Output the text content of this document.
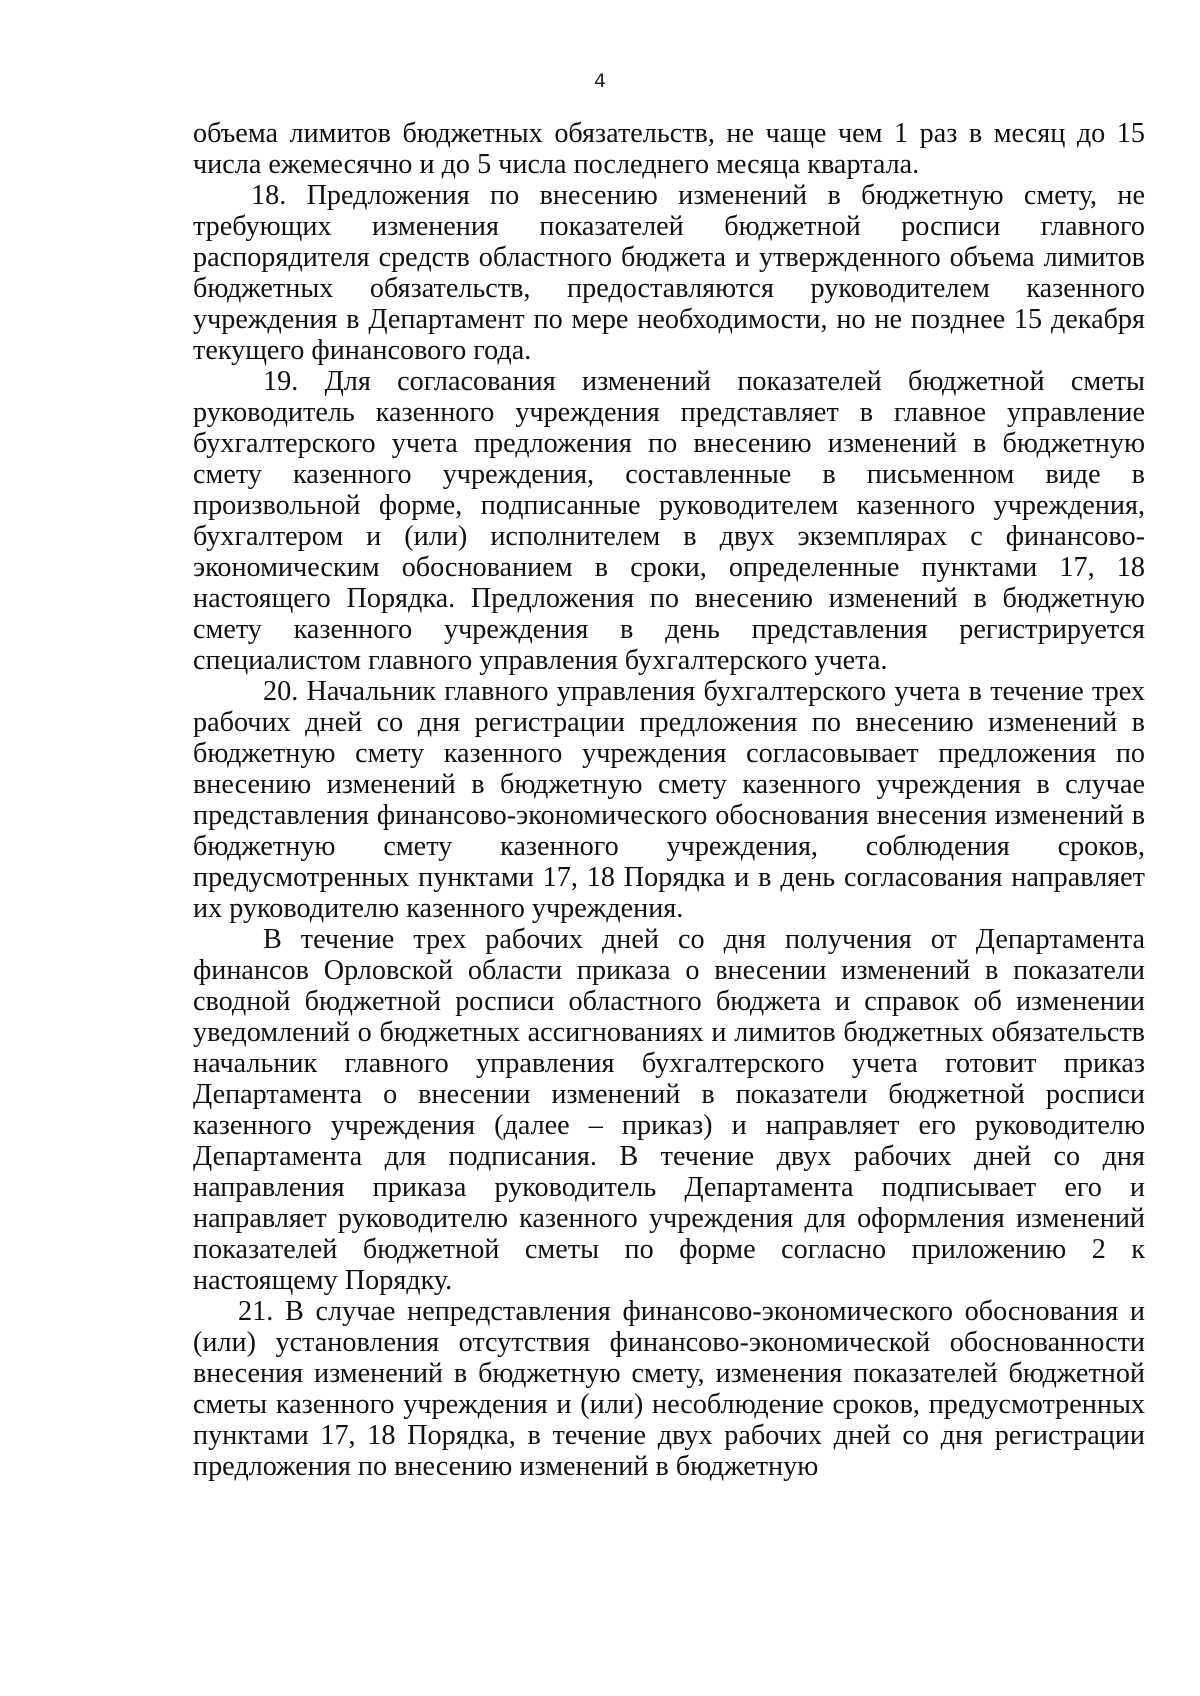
4

объема лимитов бюджетных обязательств, не чаще чем 1 раз в месяц до 15 числа ежемесячно и до 5 числа последнего месяца квартала.

18. Предложения по внесению изменений в бюджетную смету, не требующих изменения показателей бюджетной росписи главного распорядителя средств областного бюджета и утвержденного объема лимитов бюджетных обязательств, предоставляются руководителем казенного учреждения в Департамент по мере необходимости, но не позднее 15 декабря текущего финансового года.

19. Для согласования изменений показателей бюджетной сметы руководитель казенного учреждения представляет в главное управление бухгалтерского учета предложения по внесению изменений в бюджетную смету казенного учреждения, составленные в письменном виде в произвольной форме, подписанные руководителем казенного учреждения, бухгалтером и (или) исполнителем в двух экземплярах с финансово-экономическим обоснованием в сроки, определенные пунктами 17, 18 настоящего Порядка. Предложения по внесению изменений в бюджетную смету казенного учреждения в день представления регистрируется специалистом главного управления бухгалтерского учета.

20. Начальник главного управления бухгалтерского учета в течение трех рабочих дней со дня регистрации предложения по внесению изменений в бюджетную смету казенного учреждения согласовывает предложения по внесению изменений в бюджетную смету казенного учреждения в случае представления финансово-экономического обоснования внесения изменений в бюджетную смету казенного учреждения, соблюдения сроков, предусмотренных пунктами 17, 18 Порядка и в день согласования направляет их руководителю казенного учреждения.

В течение трех рабочих дней со дня получения от Департамента финансов Орловской области приказа о внесении изменений в показатели сводной бюджетной росписи областного бюджета и справок об изменении уведомлений о бюджетных ассигнованиях и лимитов бюджетных обязательств начальник главного управления бухгалтерского учета готовит приказ Департамента о внесении изменений в показатели бюджетной росписи казенного учреждения (далее – приказ) и направляет его руководителю Департамента для подписания. В течение двух рабочих дней со дня направления приказа руководитель Департамента подписывает его и направляет руководителю казенного учреждения для оформления изменений показателей бюджетной сметы по форме согласно приложению 2 к настоящему Порядку.

21. В случае непредставления финансово-экономического обоснования и (или) установления отсутствия финансово-экономической обоснованности внесения изменений в бюджетную смету, изменения показателей бюджетной сметы казенного учреждения и (или) несоблюдение сроков, предусмотренных пунктами 17, 18 Порядка, в течение двух рабочих дней со дня регистрации предложения по внесению изменений в бюджетную
